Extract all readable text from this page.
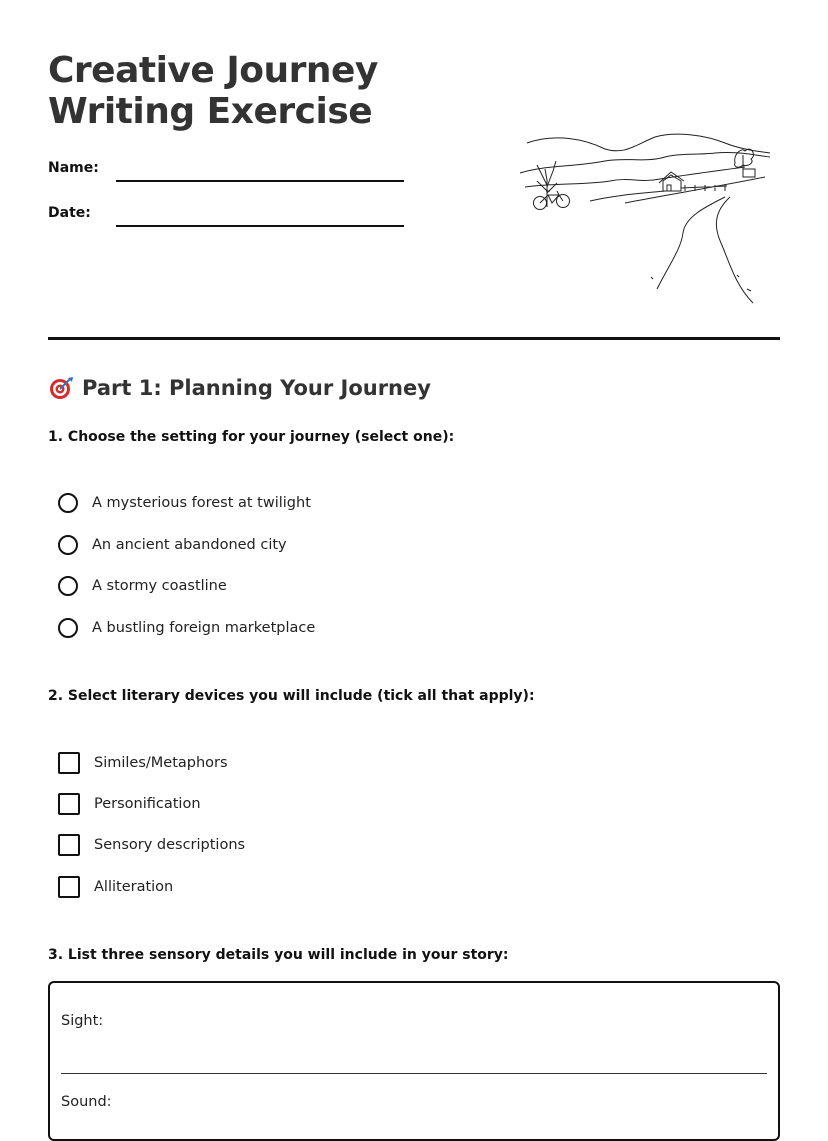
Creative Journey
Writing Exercise
Name:
Date:
Part 1: Planning Your Journey
1. Choose the setting for your journey (select one):
A mysterious forest at twilight
An ancient abandoned city
A stormy coastline
A bustling foreign marketplace
2. Select literary devices you will include (tick all that apply):
Similes/Metaphors
Personification
Sensory descriptions
Alliteration
3. List three sensory details you will include in your story:
Sight:
Sound:
